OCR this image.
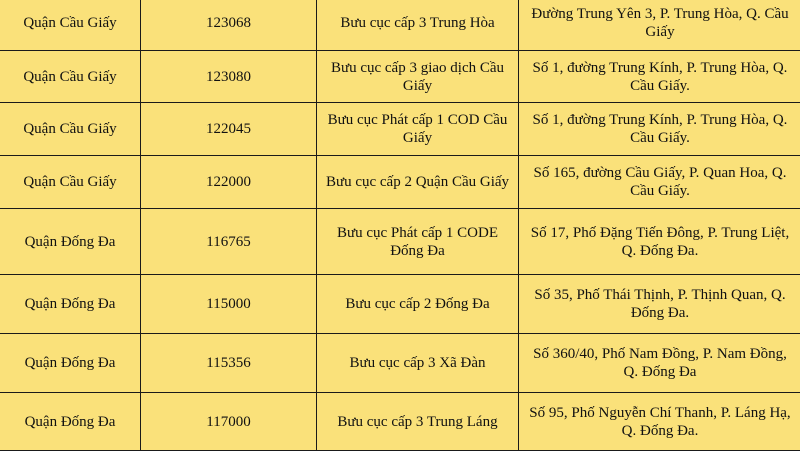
Quận Cầu Giấy	123068	Bưu cục cấp 3 Trung Hòa	Đường Trung Yên 3, P. Trung Hòa, Q. Cầu Giấy
Quận Cầu Giấy	123080	Bưu cục cấp 3 giao dịch Cầu Giấy	Số 1, đường Trung Kính, P. Trung Hòa, Q. Cầu Giấy.
Quận Cầu Giấy	122045	Bưu cục Phát cấp 1 COD Cầu Giấy	Số 1, đường Trung Kính, P. Trung Hòa, Q. Cầu Giấy.
Quận Cầu Giấy	122000	Bưu cục cấp 2 Quận Cầu Giấy	Số 165, đường Cầu Giấy, P. Quan Hoa, Q. Cầu Giấy.
Quận Đống Đa	116765	Bưu cục Phát cấp 1 CODE Đống Đa	Số 17, Phố Đặng Tiến Đông, P. Trung Liệt, Q. Đống Đa.
Quận Đống Đa	115000	Bưu cục cấp 2 Đống Đa	Số 35, Phố Thái Thịnh, P. Thịnh Quan, Q. Đống Đa.
Quận Đống Đa	115356	Bưu cục cấp 3 Xã Đàn	Số 360/40, Phố Nam Đồng, P. Nam Đồng, Q. Đống Đa
Quận Đống Đa	117000	Bưu cục cấp 3 Trung Láng	Số 95, Phố Nguyễn Chí Thanh, P. Láng Hạ, Q. Đống Đa.
